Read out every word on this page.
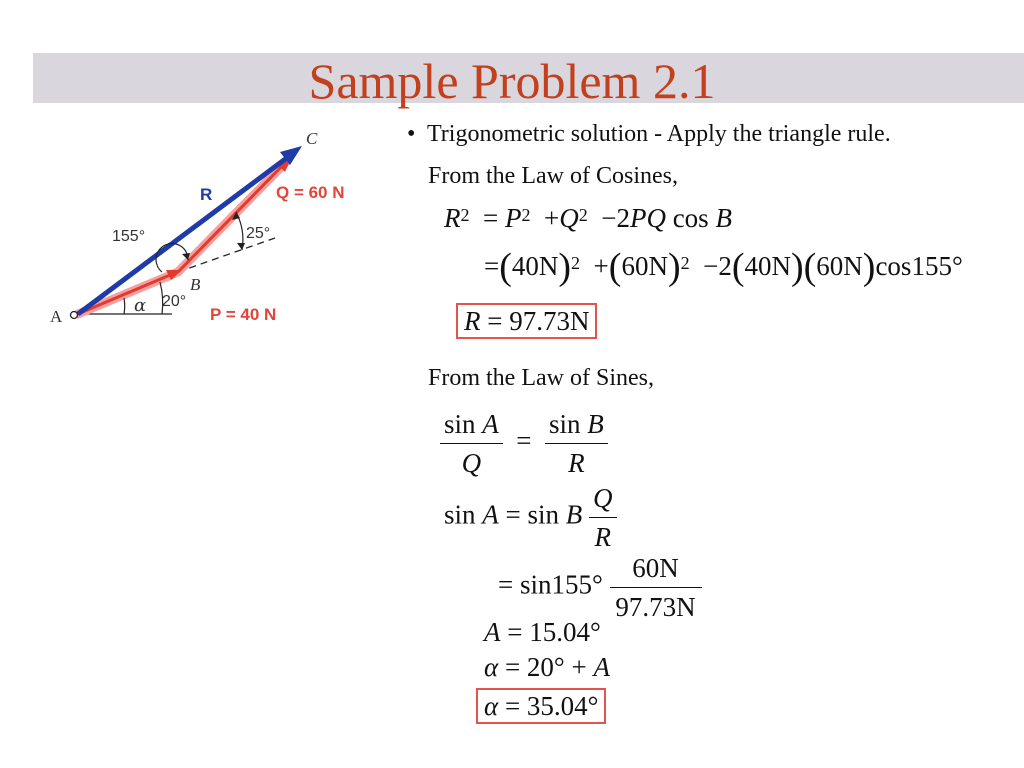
Sample Problem 2.1
C
A
B
R	Q = 60 N
P = 40 N
155°	25°
20°
α
• Trigonometric solution - Apply the triangle rule.
From the Law of Cosines,
$R^2 = P^2 +Q^2 -2PQ$ cos B
$=(40N)^2 +(60N)^2 -2(40N)(60N)\cos 155^\circ$
R = 97.73N
From the Law of Sines,
$\frac{\text{sin A}}{Q} = \frac{\text{sin B}}{R}$
sin A = sin B $\frac{Q}{R}$
= $\sin 155^\circ \frac{60N}{97.73N}$
A = 15.04°
α = 20° + A
α = 35.04°
